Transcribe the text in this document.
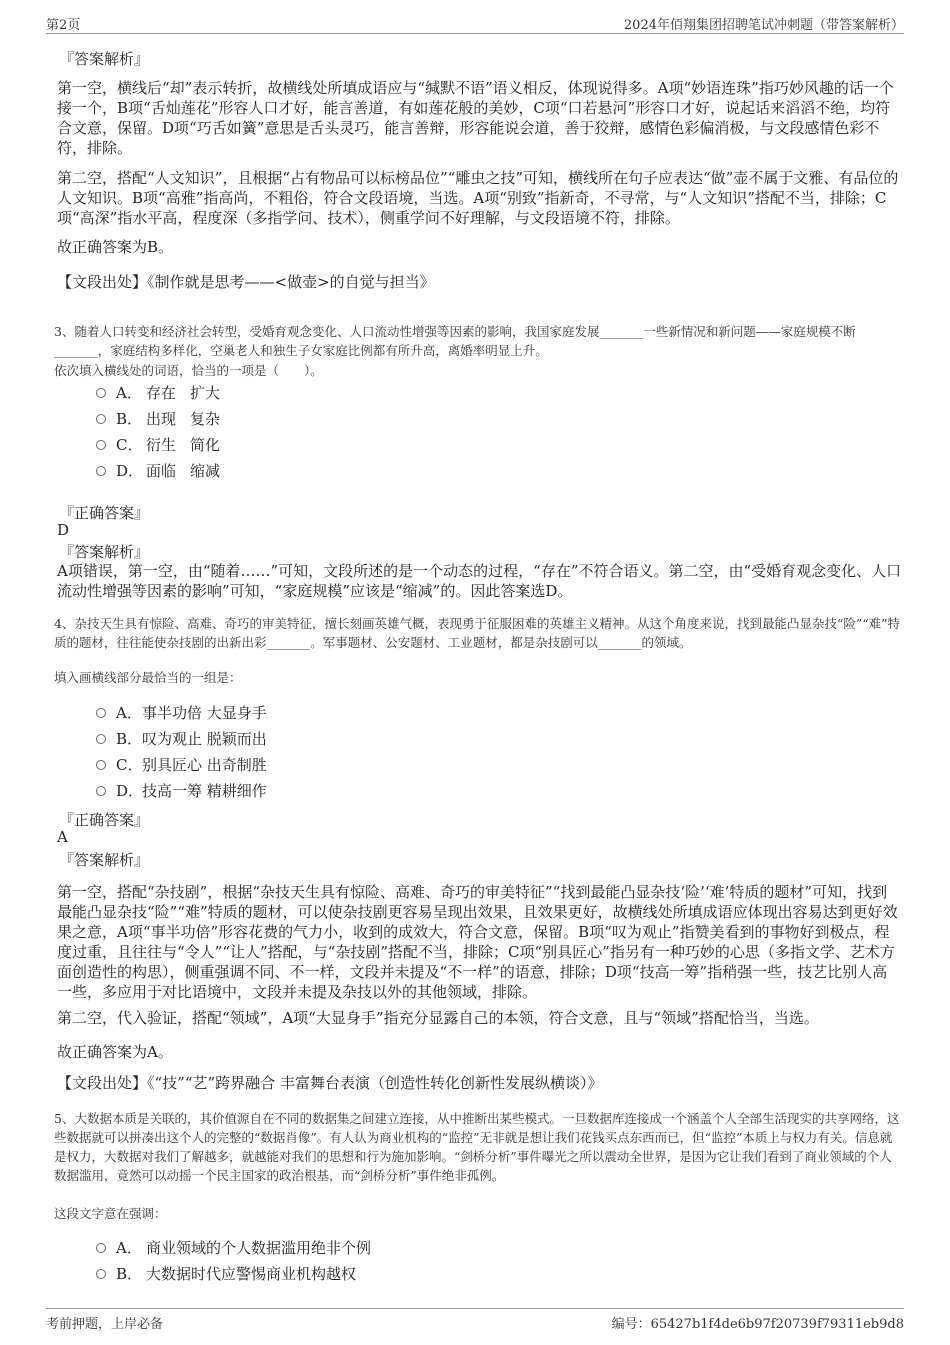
第2页	2024年佰翔集团招聘笔试冲刺题（带答案解析）

『答案解析』

第一空，横线后“却”表示转折，故横线处所填成语应与“缄默不语”语义相反，体现说得多。A项“妙语连珠”指巧妙风趣的话一个接一个，B项“舌灿莲花”形容人口才好，能言善道，有如莲花般的美妙，C项“口若悬河”形容口才好，说起话来滔滔不绝，均符合文意，保留。D项“巧舌如簧”意思是舌头灵巧，能言善辩，形容能说会道，善于狡辩，感情色彩偏消极，与文段感情色彩不符，排除。

第二空，搭配“人文知识”，且根据“占有物品可以标榜品位”“雕虫之技”可知，横线所在句子应表达“做”壶不属于文雅、有品位的人文知识。B项“高雅”指高尚，不粗俗，符合文段语境，当选。A项“别致”指新奇，不寻常，与“人文知识”搭配不当，排除；C项“高深”指水平高，程度深（多指学问、技术），侧重学问不好理解，与文段语境不符，排除。

故正确答案为B。

【文段出处】《制作就是思考——<做壶>的自觉与担当》

3、随着人口转变和经济社会转型，受婚育观念变化、人口流动性增强等因素的影响，我国家庭发展_______一些新情况和新问题——家庭规模不断_______，家庭结构多样化，空巢老人和独生子女家庭比例都有所升高，离婚率明显上升。

依次填入横线处的词语，恰当的一项是（　　）。

A． 存在 扩大
B． 出现 复杂
C． 衍生 简化
D． 面临 缩减

『正确答案』

D

『答案解析』

A项错误，第一空，由“随着……”可知，文段所述的是一个动态的过程，“存在”不符合语义。第二空，由“受婚育观念变化、人口流动性增强等因素的影响”可知，“家庭规模”应该是“缩减”的。因此答案选D。

4、杂技天生具有惊险、高难、奇巧的审美特征，擅长刻画英雄气概，表现勇于征服困难的英雄主义精神。从这个角度来说，找到最能凸显杂技“险”“难”特质的题材，往往能使杂技剧的出新出彩_______。军事题材、公安题材、工业题材，都是杂技剧可以_______的领域。

填入画横线部分最恰当的一组是：

A．事半功倍 大显身手
B．叹为观止 脱颖而出
C．别具匠心 出奇制胜
D．技高一筹 精耕细作

『正确答案』

A

『答案解析』

第一空，搭配“杂技剧”，根据“杂技天生具有惊险、高难、奇巧的审美特征”“找到最能凸显杂技‘险’‘难’特质的题材”可知，找到最能凸显杂技“险”“难”特质的题材，可以使杂技剧更容易呈现出效果，且效果更好，故横线处所填成语应体现出容易达到更好效果之意，A项“事半功倍”形容花费的气力小，收到的成效大，符合文意，保留。B项“叹为观止”指赞美看到的事物好到极点，程度过重，且往往与“令人”“让人”搭配，与“杂技剧”搭配不当，排除；C项“别具匠心”指另有一种巧妙的心思（多指文学、艺术方面创造性的构思），侧重强调不同、不一样，文段并未提及“不一样”的语意，排除；D项“技高一筹”指稍强一些，技艺比别人高一些，多应用于对比语境中，文段并未提及杂技以外的其他领域，排除。

第二空，代入验证，搭配“领域”，A项“大显身手”指充分显露自己的本领，符合文意，且与“领域”搭配恰当，当选。

故正确答案为A。

【文段出处】《“技”“艺”跨界融合 丰富舞台表演（创造性转化创新性发展纵横谈）》

5、大数据本质是关联的，其价值源自在不同的数据集之间建立连接，从中推断出某些模式。一旦数据库连接成一个涵盖个人全部生活现实的共享网络，这些数据就可以拼凑出这个人的完整的“数据肖像”。有人认为商业机构的“监控”无非就是想让我们花钱买点东西而已，但“监控”本质上与权力有关。信息就是权力，大数据对我们了解越多，就越能对我们的思想和行为施加影响。“剑桥分析”事件曝光之所以震动全世界，是因为它让我们看到了商业领域的个人数据滥用，竟然可以动摇一个民主国家的政治根基，而“剑桥分析”事件绝非孤例。

这段文字意在强调：

A． 商业领域的个人数据滥用绝非个例
B． 大数据时代应警惕商业机构越权
考前押题，上岸必备	编号：65427b1f4de6b97f20739f79311eb9d8
